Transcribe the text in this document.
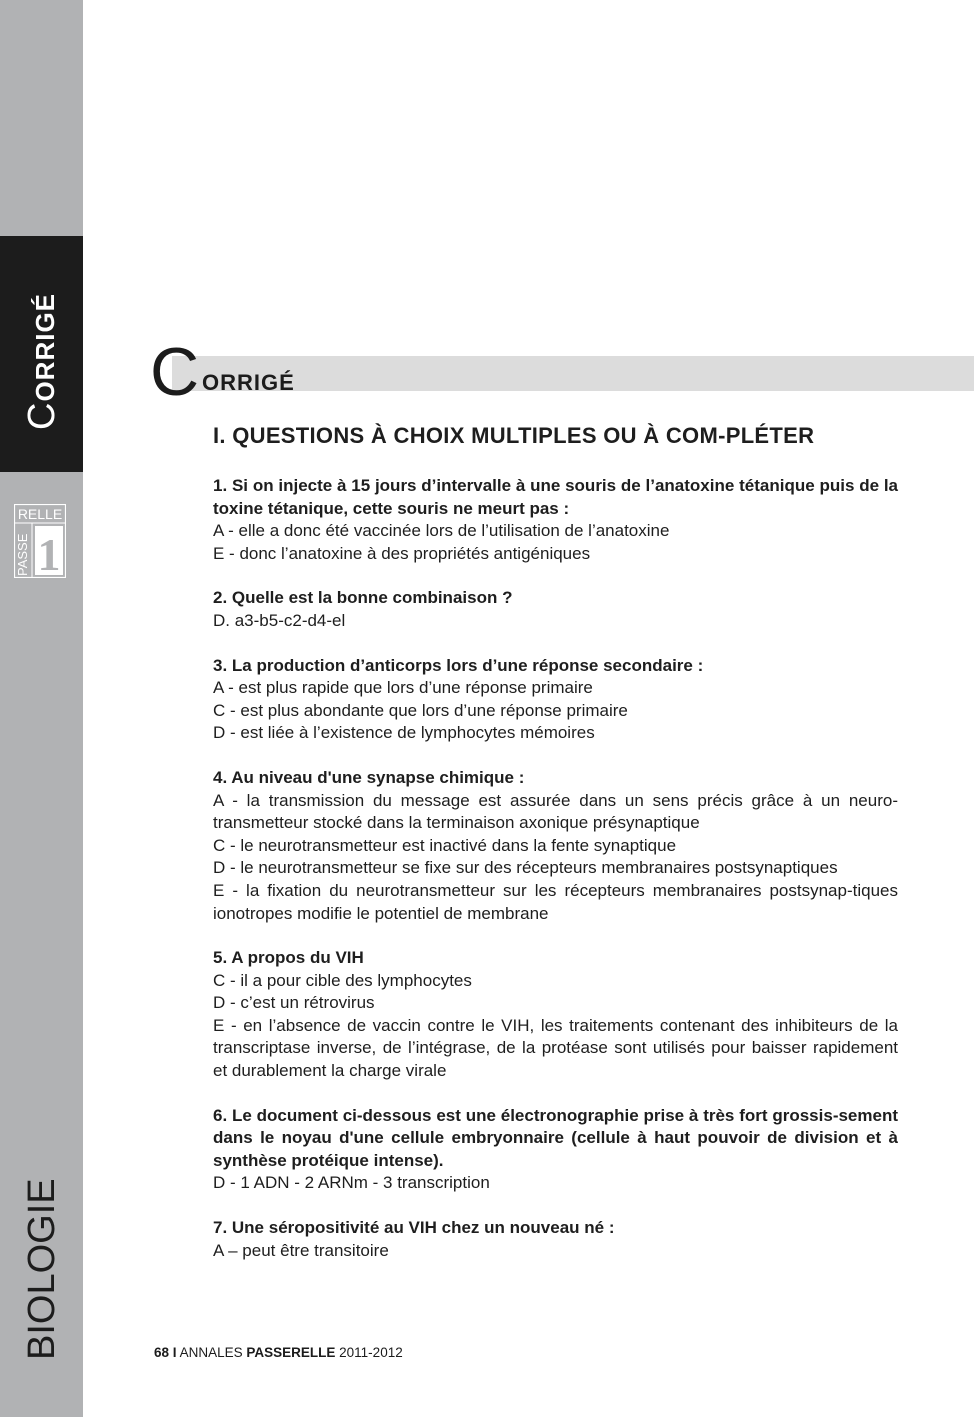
CORRIGÉ
RELLE
PASSE 1
BIOLOGIE
C ORRIGÉ
I. QUESTIONS À CHOIX MULTIPLES OU À COM-PLÉTER
1. Si on injecte à 15 jours d’intervalle à une souris de l’anatoxine tétanique puis de la toxine tétanique, cette souris ne meurt pas :
A - elle a donc été vaccinée lors de l’utilisation de l’anatoxine
E - donc l’anatoxine à des propriétés antigéniques
2. Quelle est la bonne combinaison ?
D. a3-b5-c2-d4-el
3. La production d’anticorps lors d’une réponse secondaire :
A - est plus rapide que lors d’une réponse primaire
C - est plus abondante que lors d’une réponse primaire
D - est liée à l’existence de lymphocytes mémoires
4. Au niveau d'une synapse chimique :
A - la transmission du message est assurée dans un sens précis grâce à un neuro-transmetteur stocké dans la terminaison axonique présynaptique
C - le neurotransmetteur est inactivé dans la fente synaptique
D - le neurotransmetteur se fixe sur des récepteurs membranaires postsynaptiques
E - la fixation du neurotransmetteur sur les récepteurs membranaires postsynap-tiques ionotropes modifie le potentiel de membrane
5. A propos du VIH
C - il a pour cible des lymphocytes
D - c’est un rétrovirus
E - en l’absence de vaccin contre le VIH, les traitements contenant des inhibiteurs de la transcriptase inverse, de l’intégrase, de la protéase sont utilisés pour baisser rapidement et durablement la charge virale
6. Le document ci-dessous est une électronographie prise à très fort grossis-sement dans le noyau d'une cellule embryonnaire (cellule à haut pouvoir de division et à synthèse protéique intense).
D - 1 ADN - 2 ARNm - 3 transcription
7. Une séropositivité au VIH chez un nouveau né :
A – peut être transitoire
68 I ANNALES PASSERELLE 2011-2012
